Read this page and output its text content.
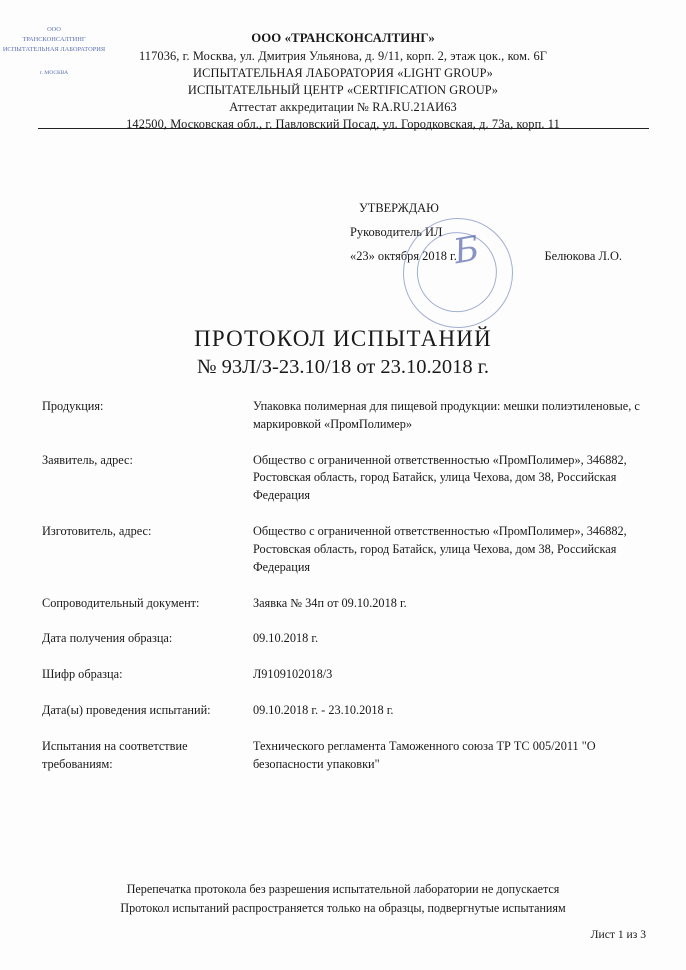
ООО «ТРАНСКОНСАЛТИНГ»
117036, г. Москва, ул. Дмитрия Ульянова, д. 9/11, корп. 2, этаж цок., ком. 6Г
ИСПЫТАТЕЛЬНАЯ ЛАБОРАТОРИЯ «LIGHT GROUP»
ИСПЫТАТЕЛЬНЫЙ ЦЕНТР «CERTIFICATION GROUP»
Аттестат аккредитации № RA.RU.21АИ63
142500, Московская обл., г. Павловский Посад, ул. Городковская, д. 73а, корп. 11
УТВЕРЖДАЮ
Руководитель ИЛ
Белюкова Л.О.
«23» октября 2018 г.
ООО
ТРАНСКОНСАЛТИНГ
ИСПЫТАТЕЛЬНАЯ ЛАБОРАТОРИЯ
г. МОСКВА
Б
ПРОТОКОЛ ИСПЫТАНИЙ
№ 93Л/З-23.10/18 от 23.10.2018 г.
Продукция:	Упаковка полимерная для пищевой продукции: мешки полиэтиленовые, с маркировкой «ПромПолимер»
Заявитель, адрес:	Общество с ограниченной ответственностью «ПромПолимер», 346882, Ростовская область, город Батайск, улица Чехова, дом 38, Российская Федерация
Изготовитель, адрес:	Общество с ограниченной ответственностью «ПромПолимер», 346882, Ростовская область, город Батайск, улица Чехова, дом 38, Российская Федерация
Сопроводительный документ:	Заявка № 34п от 09.10.2018 г.
Дата получения образца:	09.10.2018 г.
Шифр образца:	Л9109102018/3
Дата(ы) проведения испытаний:	09.10.2018 г. - 23.10.2018 г.
Испытания на соответствие требованиям:	Технического регламента Таможенного союза ТР ТС 005/2011 "О безопасности упаковки"
Перепечатка протокола без разрешения испытательной лаборатории не допускается
Протокол испытаний распространяется только на образцы, подвергнутые испытаниям
Лист 1 из 3
